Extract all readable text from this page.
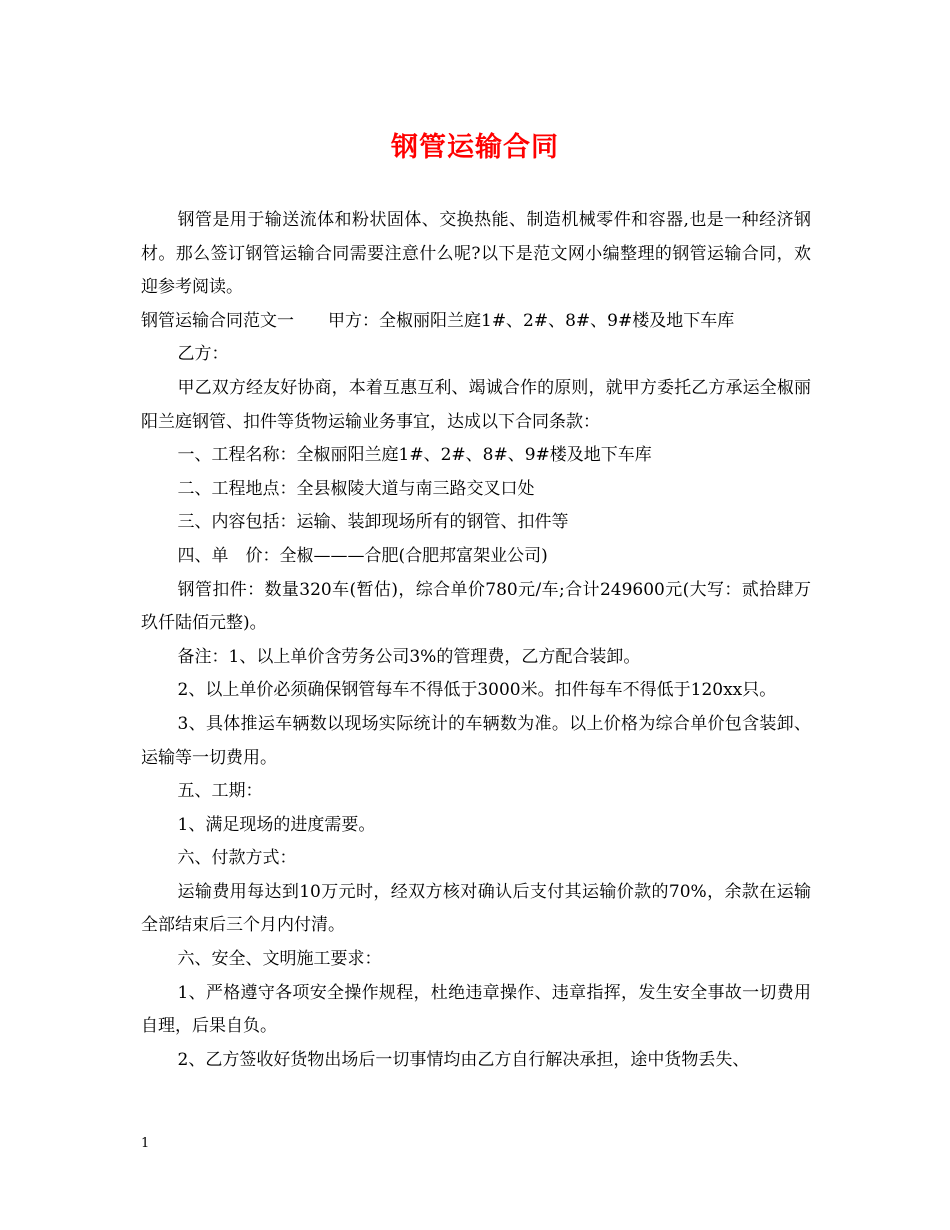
钢管运输合同

钢管是用于输送流体和粉状固体、交换热能、制造机械零件和容器,也是一种经济钢材。那么签订钢管运输合同需要注意什么呢?以下是范文网小编整理的钢管运输合同，欢迎参考阅读。

钢管运输合同范文一　　甲方：全椒丽阳兰庭1#、2#、8#、9#楼及地下车库

乙方：

甲乙双方经友好协商，本着互惠互利、竭诚合作的原则，就甲方委托乙方承运全椒丽阳兰庭钢管、扣件等货物运输业务事宜，达成以下合同条款：

一、工程名称：全椒丽阳兰庭1#、2#、8#、9#楼及地下车库

二、工程地点：全县椒陵大道与南三路交叉口处

三、内容包括：运输、装卸现场所有的钢管、扣件等

四、单　价：全椒———合肥(合肥邦富架业公司)

钢管扣件：数量320车(暂估)，综合单价780元/车;合计249600元(大写：贰拾肆万玖仟陆佰元整)。

备注：1、以上单价含劳务公司3%的管理费，乙方配合装卸。

2、以上单价必须确保钢管每车不得低于3000米。扣件每车不得低于120xx只。

3、具体推运车辆数以现场实际统计的车辆数为准。以上价格为综合单价包含装卸、运输等一切费用。

五、工期：

1、满足现场的进度需要。

六、付款方式：

运输费用每达到10万元时，经双方核对确认后支付其运输价款的70%，余款在运输全部结束后三个月内付清。

六、安全、文明施工要求：

1、严格遵守各项安全操作规程，杜绝违章操作、违章指挥，发生安全事故一切费用自理，后果自负。

2、乙方签收好货物出场后一切事情均由乙方自行解决承担，途中货物丢失、

1
